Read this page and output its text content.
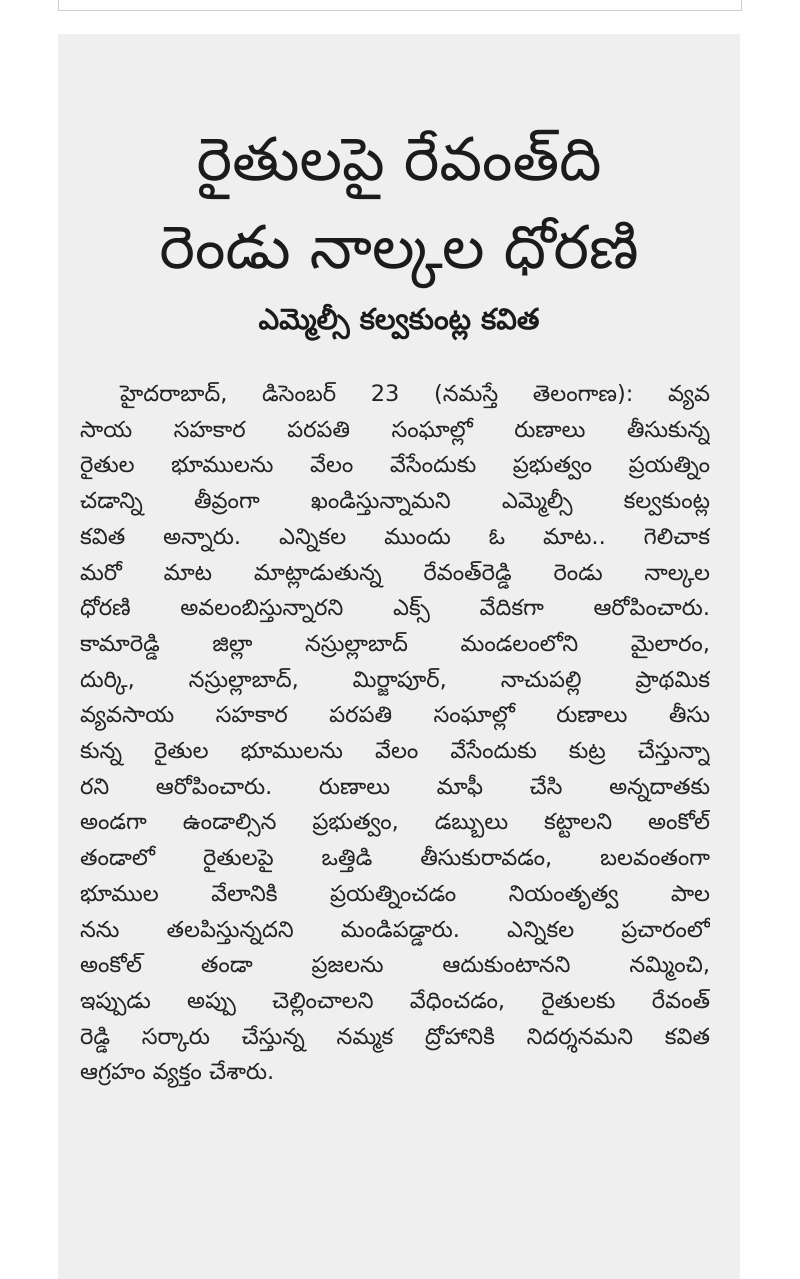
రైతులపై రేవంత్‌ది
రెండు నాల్కల ధోరణి
ఎమ్మెల్సీ కల్వకుంట్ల కవిత
హైదరాబాద్, డిసెంబర్ 23 (నమస్తే తెలంగాణ): వ్యవ
సాయ సహకార పరపతి సంఘాల్లో రుణాలు తీసుకున్న
రైతుల భూములను వేలం వేసేందుకు ప్రభుత్వం ప్రయత్నిం
చడాన్ని తీవ్రంగా ఖండిస్తున్నామని ఎమ్మెల్సీ కల్వకుంట్ల
కవిత అన్నారు. ఎన్నికల ముందు ఓ మాట.. గెలిచాక
మరో మాట మాట్లాడుతున్న రేవంత్‌రెడ్డి రెండు నాల్కల
ధోరణి అవలంబిస్తున్నారని ఎక్స్ వేదికగా ఆరోపించారు.
కామారెడ్డి జిల్లా నస్రుల్లాబాద్ మండలంలోని మైలారం,
దుర్కి, నస్రుల్లాబాద్, మిర్జాపూర్, నాచుపల్లి ప్రాథమిక
వ్యవసాయ సహకార పరపతి సంఘాల్లో రుణాలు తీసు
కున్న రైతుల భూములను వేలం వేసేందుకు కుట్ర చేస్తున్నా
రని ఆరోపించారు. రుణాలు మాఫీ చేసి అన్నదాతకు
అండగా ఉండాల్సిన ప్రభుత్వం, డబ్బులు కట్టాలని అంకోల్
తండాలో రైతులపై ఒత్తిడి తీసుకురావడం, బలవంతంగా
భూముల వేలానికి ప్రయత్నించడం నియంతృత్వ పాల
నను తలపిస్తున్నదని మండిపడ్డారు. ఎన్నికల ప్రచారంలో
అంకోల్ తండా ప్రజలను ఆదుకుంటానని నమ్మించి,
ఇప్పుడు అప్పు చెల్లించాలని వేధించడం, రైతులకు రేవంత్
రెడ్డి సర్కారు చేస్తున్న నమ్మక ద్రోహానికి నిదర్శనమని కవిత
ఆగ్రహం వ్యక్తం చేశారు.
